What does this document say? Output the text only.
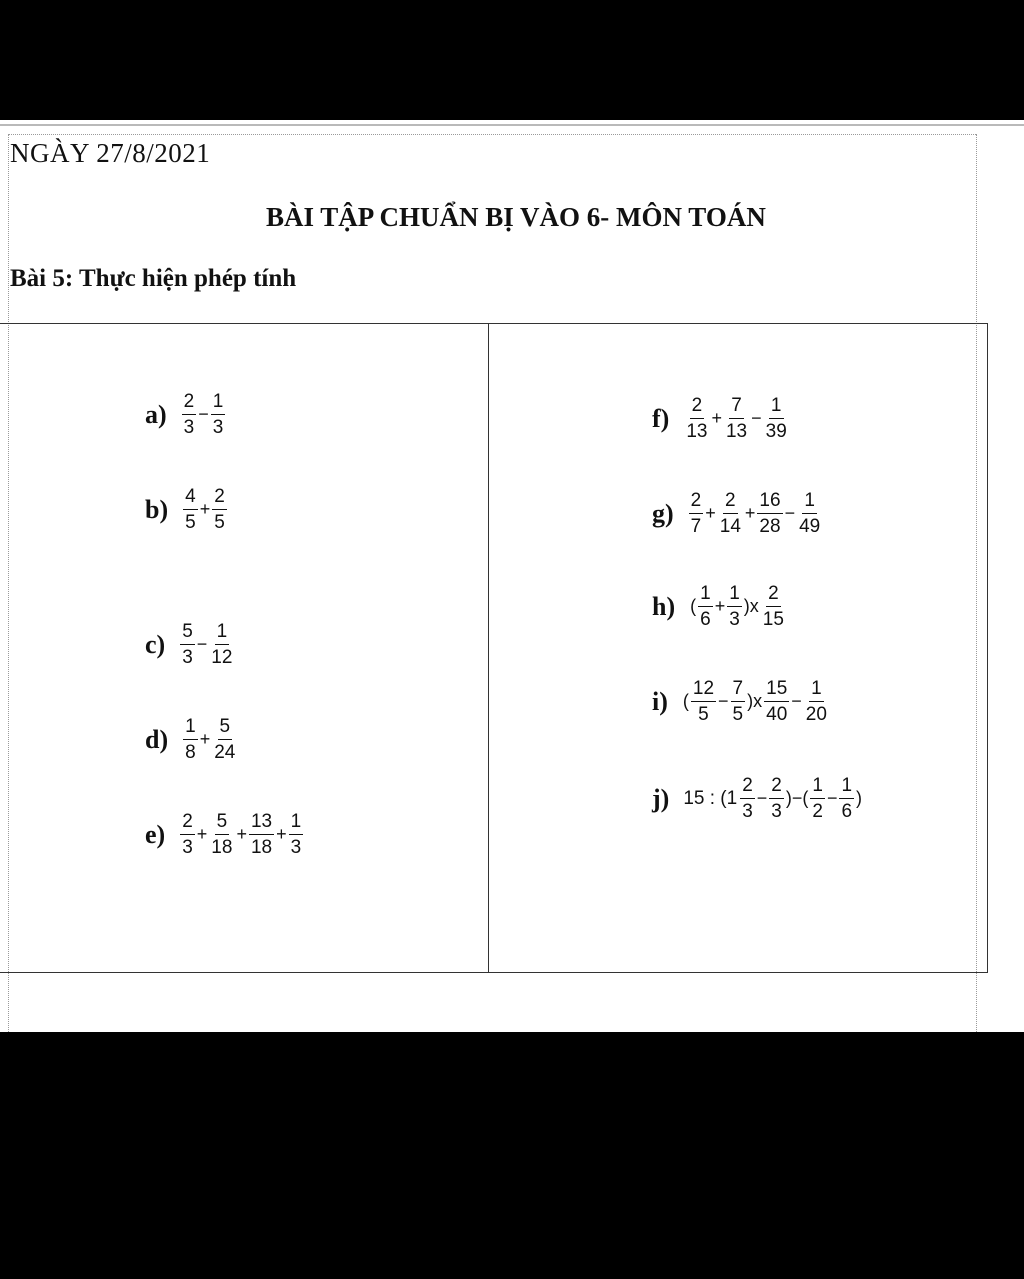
NGÀY 27/8/2021
BÀI TẬP CHUẨN BỊ VÀO 6- MÔN TOÁN
Bài 5: Thực hiện phép tính
$a) \frac{2}{3} - \frac{1}{3}$
$b) \frac{4}{5} + \frac{2}{5}$
$c) \frac{5}{3} - \frac{1}{12}$
$d) \frac{1}{8} + \frac{5}{24}$
$e) \frac{2}{3} + \frac{5}{18} + \frac{13}{18} + \frac{1}{3}$
$f) \frac{2}{13} + \frac{7}{13} - \frac{1}{39}$
$g) \frac{2}{7} + \frac{2}{14} + \frac{16}{28} - \frac{1}{49}$
h) ( $\frac{1}{6} + \frac{1}{3} )x \frac{2}{15}$
i) ( $\frac{12}{5} - \frac{7}{5} )x \frac{15}{40} - \frac{1}{20}$
j) 15 : ($1 \frac{2}{3} - \frac{2}{3}$ )−( $\frac{1}{2} - \frac{1}{6}$ )
